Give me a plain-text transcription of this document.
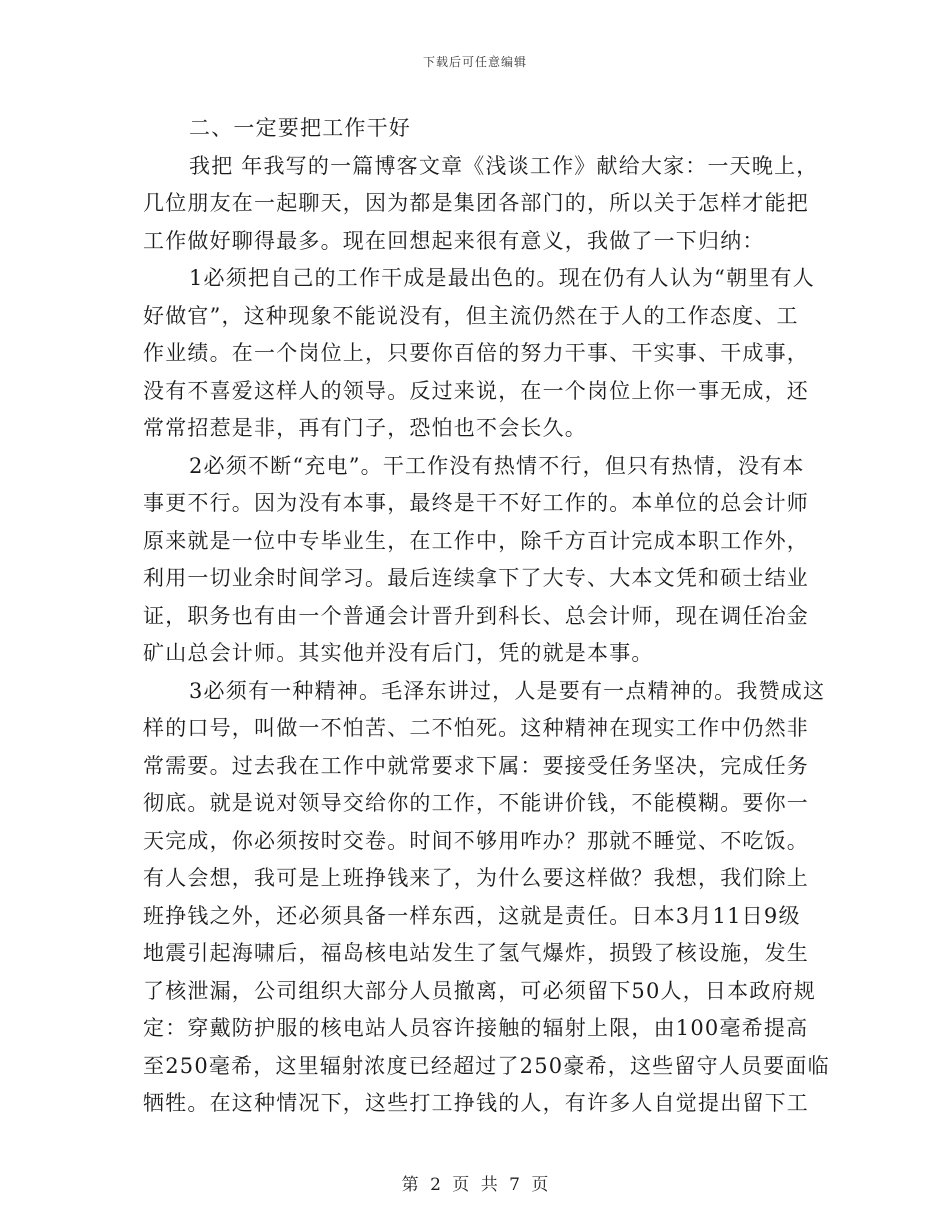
下载后可任意编辑
二、一定要把工作干好
我把 年我写的一篇博客文章《浅谈工作》献给大家：一天晚上，
几位朋友在一起聊天，因为都是集团各部门的，所以关于怎样才能把
工作做好聊得最多。现在回想起来很有意义，我做了一下归纳：
1必须把自己的工作干成是最出色的。现在仍有人认为“朝里有人
好做官”，这种现象不能说没有，但主流仍然在于人的工作态度、工
作业绩。在一个岗位上，只要你百倍的努力干事、干实事、干成事，
没有不喜爱这样人的领导。反过来说，在一个岗位上你一事无成，还
常常招惹是非，再有门子，恐怕也不会长久。
2必须不断“充电”。干工作没有热情不行，但只有热情，没有本
事更不行。因为没有本事，最终是干不好工作的。本单位的总会计师
原来就是一位中专毕业生，在工作中，除千方百计完成本职工作外，
利用一切业余时间学习。最后连续拿下了大专、大本文凭和硕士结业
证，职务也有由一个普通会计晋升到科长、总会计师，现在调任冶金
矿山总会计师。其实他并没有后门，凭的就是本事。
3必须有一种精神。毛泽东讲过，人是要有一点精神的。我赞成这
样的口号，叫做一不怕苦、二不怕死。这种精神在现实工作中仍然非
常需要。过去我在工作中就常要求下属：要接受任务坚决，完成任务
彻底。就是说对领导交给你的工作，不能讲价钱，不能模糊。要你一
天完成，你必须按时交卷。时间不够用咋办？那就不睡觉、不吃饭。
有人会想，我可是上班挣钱来了，为什么要这样做？我想，我们除上
班挣钱之外，还必须具备一样东西，这就是责任。日本3月11日9级
地震引起海啸后，福岛核电站发生了氢气爆炸，损毁了核设施，发生
了核泄漏，公司组织大部分人员撤离，可必须留下50人，日本政府规
定：穿戴防护服的核电站人员容许接触的辐射上限，由100毫希提高
至250毫希，这里辐射浓度已经超过了250豪希，这些留守人员要面临
牺牲。在这种情况下，这些打工挣钱的人，有许多人自觉提出留下工
第 2 页 共 7 页
